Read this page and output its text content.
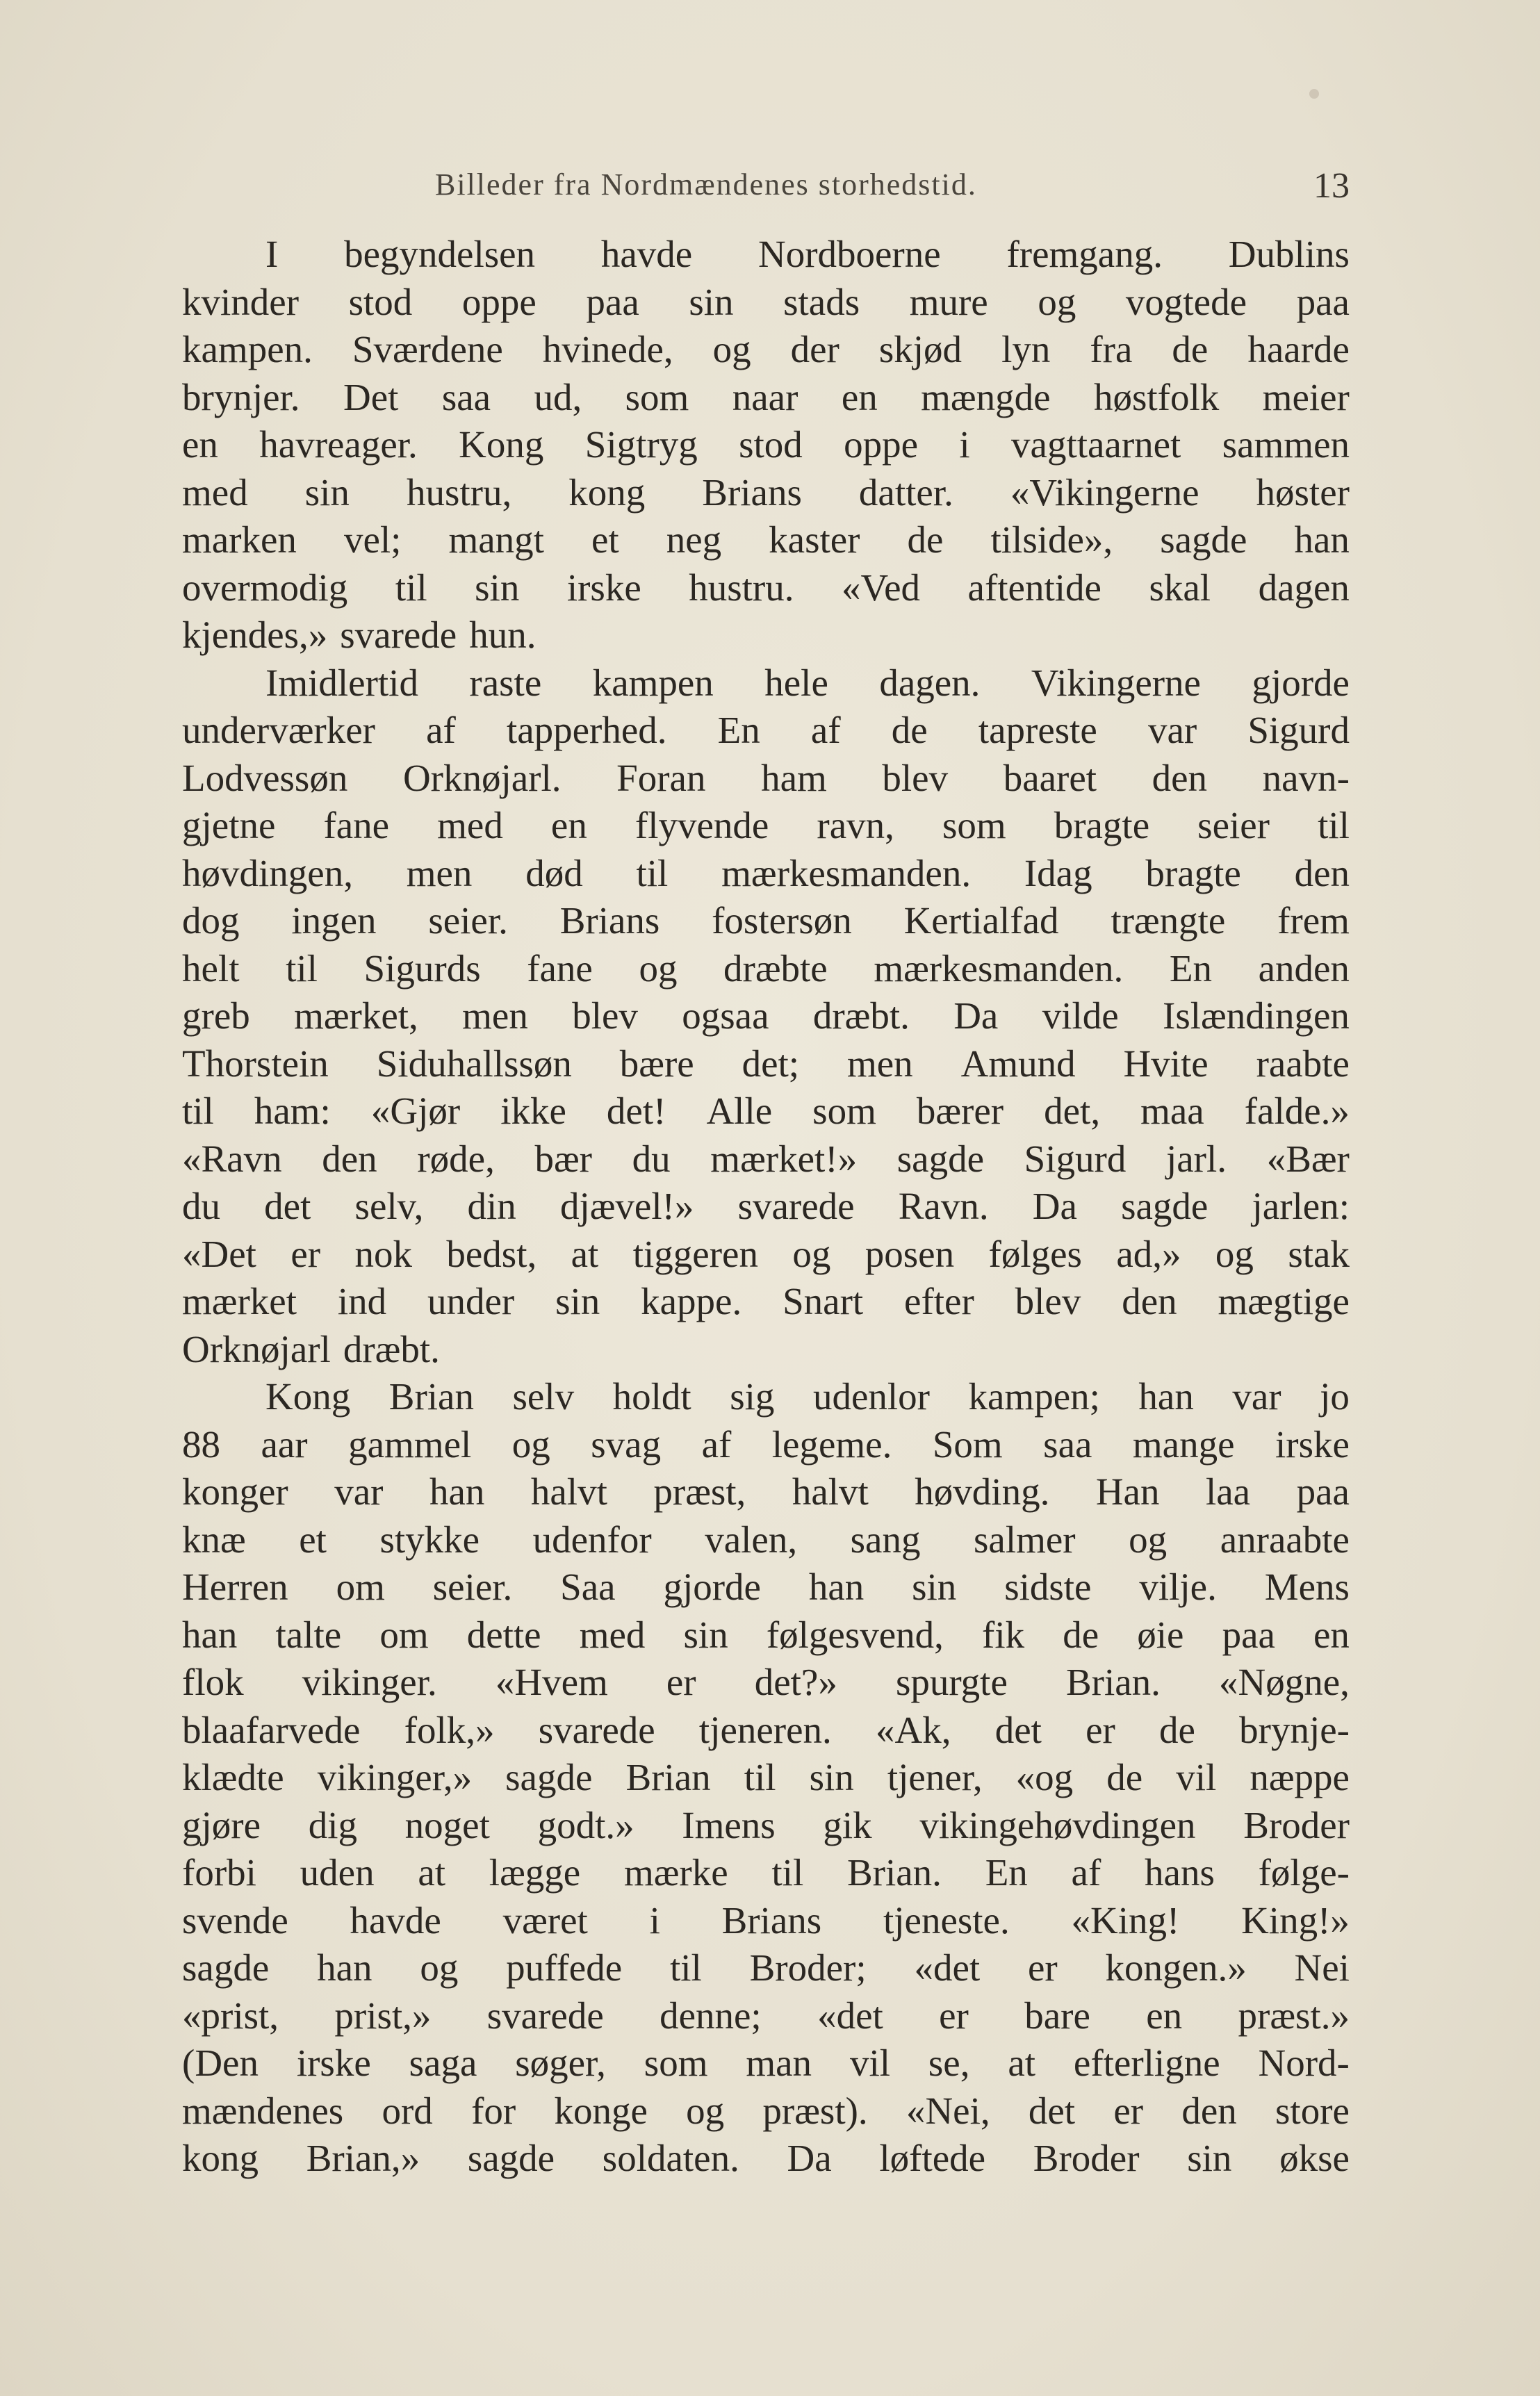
Billeder fra Nordmændenes storhedstid.	13
I begyndelsen havde Nordboerne fremgang. Dublins
kvinder stod oppe paa sin stads mure og vogtede paa
kampen. Sværdene hvinede, og der skjød lyn fra de haarde
brynjer. Det saa ud, som naar en mængde høstfolk meier
en havreager. Kong Sigtryg stod oppe i vagttaarnet sammen
med sin hustru, kong Brians datter. «Vikingerne høster
marken vel; mangt et neg kaster de tilside», sagde han
overmodig til sin irske hustru. «Ved aftentide skal dagen
kjendes,» svarede hun.
Imidlertid raste kampen hele dagen. Vikingerne gjorde
underværker af tapperhed. En af de tapreste var Sigurd
Lodvessøn Orknøjarl. Foran ham blev baaret den navn-
gjetne fane med en flyvende ravn, som bragte seier til
høvdingen, men død til mærkesmanden. Idag bragte den
dog ingen seier. Brians fostersøn Kertialfad trængte frem
helt til Sigurds fane og dræbte mærkesmanden. En anden
greb mærket, men blev ogsaa dræbt. Da vilde Islændingen
Thorstein Siduhallssøn bære det; men Amund Hvite raabte
til ham: «Gjør ikke det! Alle som bærer det, maa falde.»
«Ravn den røde, bær du mærket!» sagde Sigurd jarl. «Bær
du det selv, din djævel!» svarede Ravn. Da sagde jarlen:
«Det er nok bedst, at tiggeren og posen følges ad,» og stak
mærket ind under sin kappe. Snart efter blev den mægtige
Orknøjarl dræbt.
Kong Brian selv holdt sig udenlor kampen; han var jo
88 aar gammel og svag af legeme. Som saa mange irske
konger var han halvt præst, halvt høvding. Han laa paa
knæ et stykke udenfor valen, sang salmer og anraabte
Herren om seier. Saa gjorde han sin sidste vilje. Mens
han talte om dette med sin følgesvend, fik de øie paa en
flok vikinger. «Hvem er det?» spurgte Brian. «Nøgne,
blaafarvede folk,» svarede tjeneren. «Ak, det er de brynje-
klædte vikinger,» sagde Brian til sin tjener, «og de vil næppe
gjøre dig noget godt.» Imens gik vikingehøvdingen Broder
forbi uden at lægge mærke til Brian. En af hans følge-
svende havde været i Brians tjeneste. «King! King!»
sagde han og puffede til Broder; «det er kongen.» Nei
«prist, prist,» svarede denne; «det er bare en præst.»
(Den irske saga søger, som man vil se, at efterligne Nord-
mændenes ord for konge og præst). «Nei, det er den store
kong Brian,» sagde soldaten. Da løftede Broder sin økse
